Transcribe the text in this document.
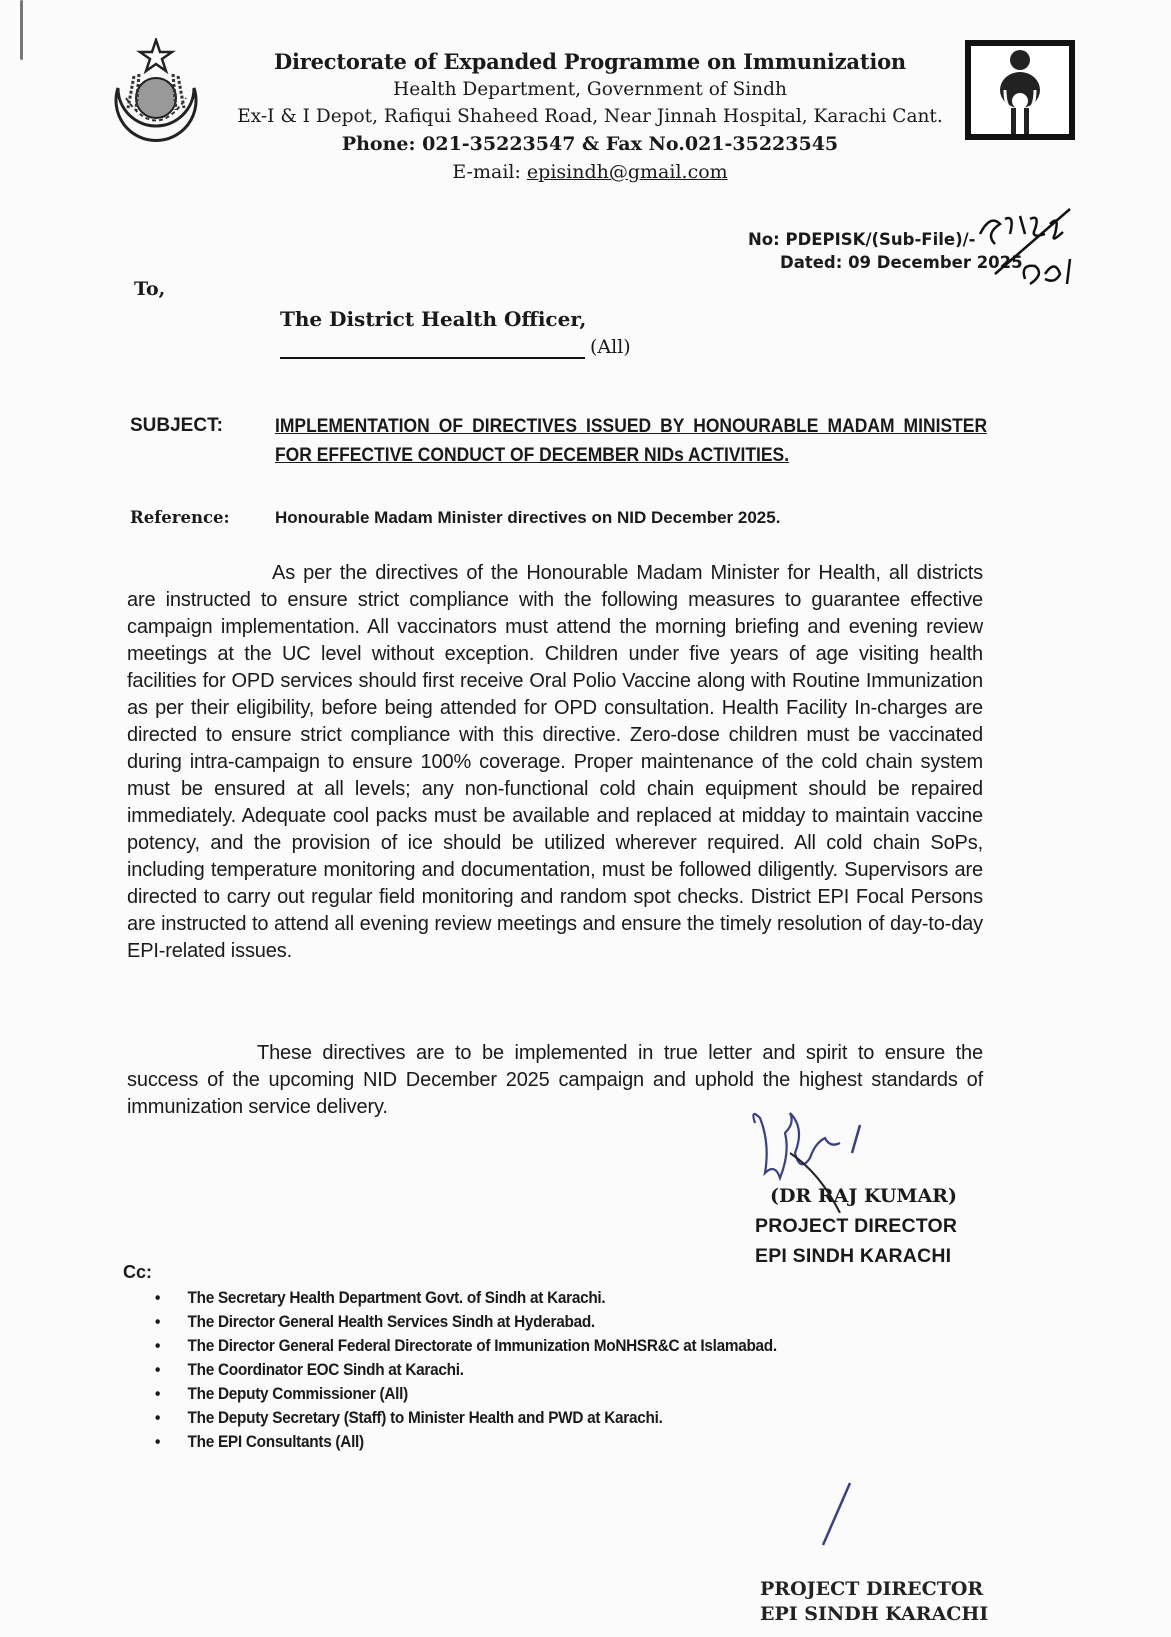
Directorate of Expanded Programme on Immunization
Health Department, Government of Sindh
Ex-I & I Depot, Rafiqui Shaheed Road, Near Jinnah Hospital, Karachi Cant.
Phone: 021-35223547 & Fax No.021-35223545
E-mail: episindh@gmail.com
No: PDEPISK/(Sub-File)/-
Dated: 09 December 2025
To,
The District Health Officer,
(All)
SUBJECT:	IMPLEMENTATION OF DIRECTIVES ISSUED BY HONOURABLE MADAM MINISTER FOR EFFECTIVE CONDUCT OF DECEMBER NIDs ACTIVITIES.
Reference:	Honourable Madam Minister directives on NID December 2025.
As per the directives of the Honourable Madam Minister for Health, all districts are instructed to ensure strict compliance with the following measures to guarantee effective campaign implementation. All vaccinators must attend the morning briefing and evening review meetings at the UC level without exception. Children under five years of age visiting health facilities for OPD services should first receive Oral Polio Vaccine along with Routine Immunization as per their eligibility, before being attended for OPD consultation. Health Facility In-charges are directed to ensure strict compliance with this directive. Zero-dose children must be vaccinated during intra-campaign to ensure 100% coverage. Proper maintenance of the cold chain system must be ensured at all levels; any non-functional cold chain equipment should be repaired immediately. Adequate cool packs must be available and replaced at midday to maintain vaccine potency, and the provision of ice should be utilized wherever required. All cold chain SoPs, including temperature monitoring and documentation, must be followed diligently. Supervisors are directed to carry out regular field monitoring and random spot checks. District EPI Focal Persons are instructed to attend all evening review meetings and ensure the timely resolution of day-to-day EPI-related issues.
These directives are to be implemented in true letter and spirit to ensure the success of the upcoming NID December 2025 campaign and uphold the highest standards of immunization service delivery.
(DR RAJ KUMAR)
PROJECT DIRECTOR
EPI SINDH KARACHI
Cc:
• The Secretary Health Department Govt. of Sindh at Karachi.
• The Director General Health Services Sindh at Hyderabad.
• The Director General Federal Directorate of Immunization MoNHSR&C at Islamabad.
• The Coordinator EOC Sindh at Karachi.
• The Deputy Commissioner (All)
• The Deputy Secretary (Staff) to Minister Health and PWD at Karachi.
• The EPI Consultants (All)
PROJECT DIRECTOR
EPI SINDH KARACHI
